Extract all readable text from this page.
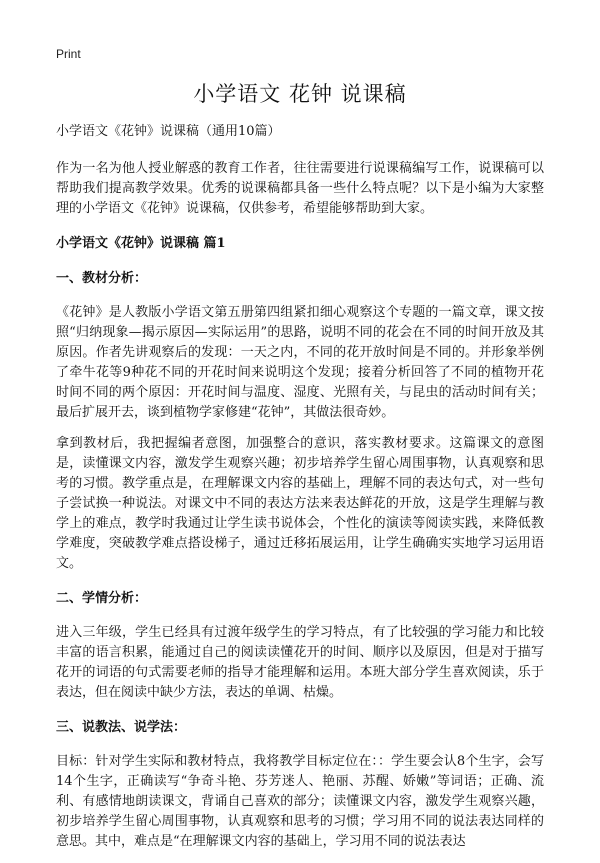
Print
小学语文 花钟 说课稿

小学语文《花钟》说课稿（通用10篇）

作为一名为他人授业解惑的教育工作者，往往需要进行说课稿编写工作，说课稿可以帮助我们提高教学效果。优秀的说课稿都具备一些什么特点呢？以下是小编为大家整理的小学语文《花钟》说课稿，仅供参考，希望能够帮助到大家。

小学语文《花钟》说课稿 篇1

一、教材分析：

《花钟》是人教版小学语文第五册第四组紧扣细心观察这个专题的一篇文章，课文按照“归纳现象—揭示原因—实际运用”的思路，说明不同的花会在不同的时间开放及其原因。作者先讲观察后的发现：一天之内，不同的花开放时间是不同的。并形象举例了牵牛花等9种花不同的开花时间来说明这个发现；接着分析回答了不同的植物开花时间不同的两个原因：开花时间与温度、湿度、光照有关，与昆虫的活动时间有关；最后扩展开去，谈到植物学家修建“花钟”，其做法很奇妙。

拿到教材后，我把握编者意图，加强整合的意识，落实教材要求。这篇课文的意图是，读懂课文内容，激发学生观察兴趣；初步培养学生留心周围事物，认真观察和思考的习惯。教学重点是，在理解课文内容的基础上，理解不同的表达句式，对一些句子尝试换一种说法。对课文中不同的表达方法来表达鲜花的开放，这是学生理解与教学上的难点，教学时我通过让学生读书说体会，个性化的演读等阅读实践，来降低教学难度，突破教学难点搭设梯子，通过迁移拓展运用，让学生确确实实地学习运用语文。

二、学情分析：

进入三年级，学生已经具有过渡年级学生的学习特点，有了比较强的学习能力和比较丰富的语言积累，能通过自己的阅读读懂花开的时间、顺序以及原因，但是对于描写花开的词语的句式需要老师的指导才能理解和运用。本班大部分学生喜欢阅读，乐于表达，但在阅读中缺少方法，表达的单调、枯燥。

三、说教法、说学法：

目标：针对学生实际和教材特点，我将教学目标定位在：：学生要会认8个生字，会写14个生字，正确读写“争奇斗艳、芬芳迷人、艳丽、苏醒、娇嫩”等词语；正确、流利、有感情地朗读课文，背诵自己喜欢的部分；读懂课文内容，激发学生观察兴趣，初步培养学生留心周围事物，认真观察和思考的习惯；学习用不同的说法表达同样的意思。其中，难点是“在理解课文内容的基础上，学习用不同的说法表达
